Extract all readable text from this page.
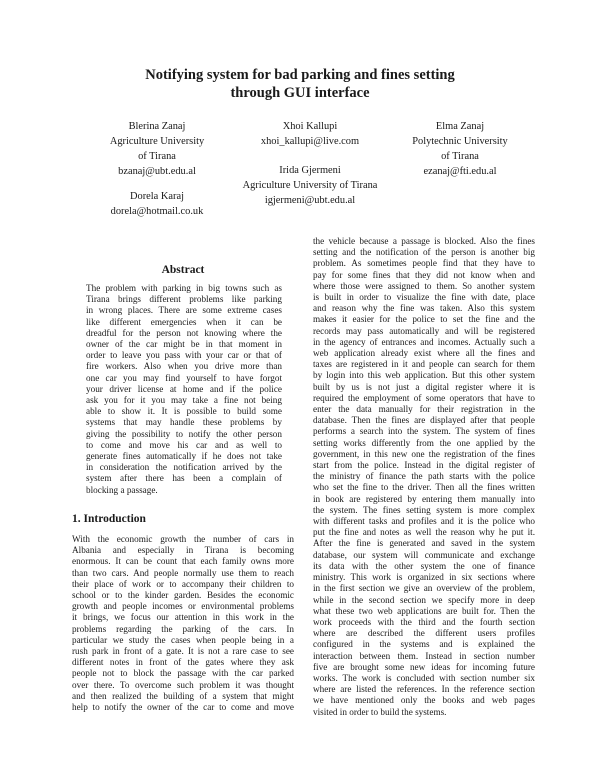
Notifying system for bad parking and fines setting
through GUI interface
Blerina Zanaj
Agriculture University
of Tirana
bzanaj@ubt.edu.al
Xhoi Kallupi
xhoi_kallupi@live.com
Elma Zanaj
Polytechnic University
of Tirana
ezanaj@fti.edu.al
Irida Gjermeni
Agriculture University of Tirana
igjermeni@ubt.edu.al
Dorela Karaj
dorela@hotmail.co.uk
Abstract
The problem with parking in big towns such as
Tirana brings different problems like parking
in wrong places. There are some extreme cases
like different emergencies when it can be
dreadful for the person not knowing where the
owner of the car might be in that moment in
order to leave you pass with your car or that of
fire workers. Also when you drive more than
one car you may find yourself to have forgot
your driver license at home and if the police
ask you for it you may take a fine not being
able to show it. It is possible to build some
systems that may handle these problems by
giving the possibility to notify the other person
to come and move his car and as well to
generate fines automatically if he does not take
in consideration the notification arrived by the
system after there has been a complain of
blocking a passage.
1. Introduction
With the economic growth the number of cars in
Albania and especially in Tirana is becoming
enormous. It can be count that each family owns more
than two cars. And people normally use them to reach
their place of work or to accompany their children to
school or to the kinder garden. Besides the economic
growth and people incomes or environmental problems
it brings, we focus our attention in this work in the
problems regarding the parking of the cars. In
particular we study the cases when people being in a
rush park in front of a gate. It is not a rare case to see
different notes in front of the gates where they ask
people not to block the passage with the car parked
over there. To overcome such problem it was thought
and then realized the building of a system that might
help to notify the owner of the car to come and move
the vehicle because a passage is blocked. Also the fines
setting and the notification of the person is another big
problem. As sometimes people find that they have to
pay for some fines that they did not know when and
where those were assigned to them. So another system
is built in order to visualize the fine with date, place
and reason why the fine was taken. Also this system
makes it easier for the police to set the fine and the
records may pass automatically and will be registered
in the agency of entrances and incomes. Actually such a
web application already exist where all the fines and
taxes are registered in it and people can search for them
by login into this web application. But this other system
built by us is not just a digital register where it is
required the employment of some operators that have to
enter the data manually for their registration in the
database. Then the fines are displayed after that people
performs a search into the system. The system of fines
setting works differently from the one applied by the
government, in this new one the registration of the fines
start from the police. Instead in the digital register of
the ministry of finance the path starts with the police
who set the fine to the driver. Then all the fines written
in book are registered by entering them manually into
the system. The fines setting system is more complex
with different tasks and profiles and it is the police who
put the fine and notes as well the reason why he put it.
After the fine is generated and saved in the system
database, our system will communicate and exchange
its data with the other system the one of finance
ministry. This work is organized in six sections where
in the first section we give an overview of the problem,
while in the second section we specify more in deep
what these two web applications are built for. Then the
work proceeds with the third and the fourth section
where are described the different users profiles
configured in the systems and is explained the
interaction between them. Instead in section number
five are brought some new ideas for incoming future
works. The work is concluded with section number six
where are listed the references. In the reference section
we have mentioned only the books and web pages
visited in order to build the systems.
